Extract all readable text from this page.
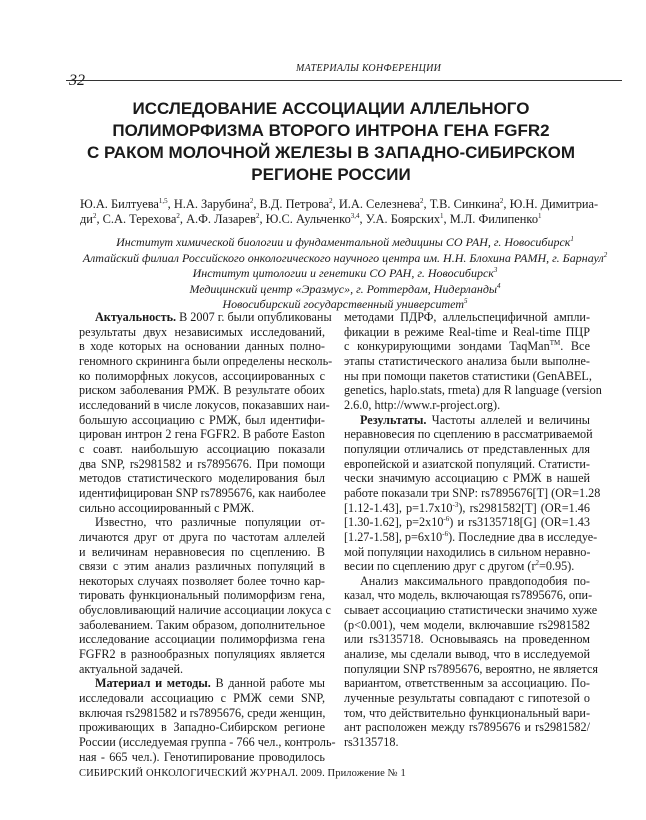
МАТЕРИАЛЫ КОНФЕРЕНЦИИ
32
ИССЛЕДОВАНИЕ АССОЦИАЦИИ АЛЛЕЛЬНОГО
ПОЛИМОРФИЗМА ВТОРОГО ИНТРОНА ГЕНА FGFR2
С РАКОМ МОЛОЧНОЙ ЖЕЛЕЗЫ В ЗАПАДНО-СИБИРСКОМ
РЕГИОНЕ РОССИИ
Ю.А. Билтуева$^{1,5}$, Н.А. Зарубина$^2$, В.Д. Петрова$^2$, И.А. Селезнева$^2$, Т.В. Синкина$^2$, Ю.Н. Димитриа-
$ди^2$, С.А. Терехова$^2$, А.Ф. Лазарев$^2$, Ю.С. Аульченко$^{3,4}$, У.А. Боярских$^1$, М.Л. Филипенко$^1$
Институт химической биологии и фундаментальной медицины СО РАН, г. Новосибирск$^1$
Алтайский филиал Российского онкологического научного центра им. Н.Н. Блохина РАМН, г. Барнаул$^2$
Институт цитологии и генетики СО РАН, г. Новосибирск$^3$
Медицинский центр «Эразмус», г. Роттердам, Нидерланды$^4$
Новосибирский государственный университет$^5$
Актуальность. В 2007 г. были опубликованы
результаты двух независимых исследований,
в ходе которых на основании данных полно-
геномного скрининга были определены несколь-
ко полиморфных локусов, ассоциированных с
риском заболевания РМЖ. В результате обоих
исследований в числе локусов, показавших наи-
большую ассоциацию с РМЖ, был идентифи-
цирован интрон 2 гена FGFR2. В работе Easton
с соавт. наибольшую ассоциацию показали
два SNP, rs2981582 и rs7895676. При помощи
методов статистического моделирования был
идентифицирован SNP rs7895676, как наиболее
сильно ассоциированный с РМЖ.
Известно, что различные популяции от-
личаются друг от друга по частотам аллелей
и величинам неравновесия по сцеплению. В
связи с этим анализ различных популяций в
некоторых случаях позволяет более точно кар-
тировать функциональный полиморфизм гена,
обусловливающий наличие ассоциации локуса с
заболеванием. Таким образом, дополнительное
исследование ассоциации полиморфизма гена
FGFR2 в разнообразных популяциях является
актуальной задачей.
Материал и методы. В данной работе мы
исследовали ассоциацию с РМЖ семи SNP,
включая rs2981582 и rs7895676, среди женщин,
проживающих в Западно-Сибирском регионе
России (исследуемая группа - 766 чел., контроль-
ная - 665 чел.). Генотипирование проводилось
методами ПДРФ, аллельспецифичной ампли-
фикации в режиме Real-time и Real-time ПЦР
с конкурирующими зондами TaqMan™. Все
этапы статистического анализа были выполне-
ны при помощи пакетов статистики (GenABEL,
genetics, haplo.stats, rmeta) для R language (version
2.6.0, http://www.r-project.org).
Результаты. Частоты аллелей и величины
неравновесия по сцеплению в рассматриваемой
популяции отличались от представленных для
европейской и азиатской популяций. Статисти-
чески значимую ассоциацию с РМЖ в нашей
работе показали три SNP: rs7895676[T] (OR=1.28
[1.12-1.43], $p=1.7x10^{-3}$), rs2981582[T] (OR=1.46
[1.30-1.62], $p=2x10^{-6}$) и rs3135718[G] (OR=1.43
[1.27-1.58], $p=6x10^{-6}$). Последние два в исследуе-
мой популяции находились в сильном неравно-
весии по сцеплению друг с другом $(r^2=0.95)$.
Анализ максимального правдоподобия по-
казал, что модель, включающая rs7895676, опи-
сывает ассоциацию статистически значимо хуже
(p<0.001), чем модели, включавшие rs2981582
или rs3135718. Основываясь на проведенном
анализе, мы сделали вывод, что в исследуемой
популяции SNP rs7895676, вероятно, не является
вариантом, ответственным за ассоциацию. По-
лученные результаты совпадают с гипотезой о
том, что действительно функциональный вари-
ант расположен между rs7895676 и rs2981582/
rs3135718.
СИБИРСКИЙ ОНКОЛОГИЧЕСКИЙ ЖУРНАЛ. 2009. Приложение № 1
